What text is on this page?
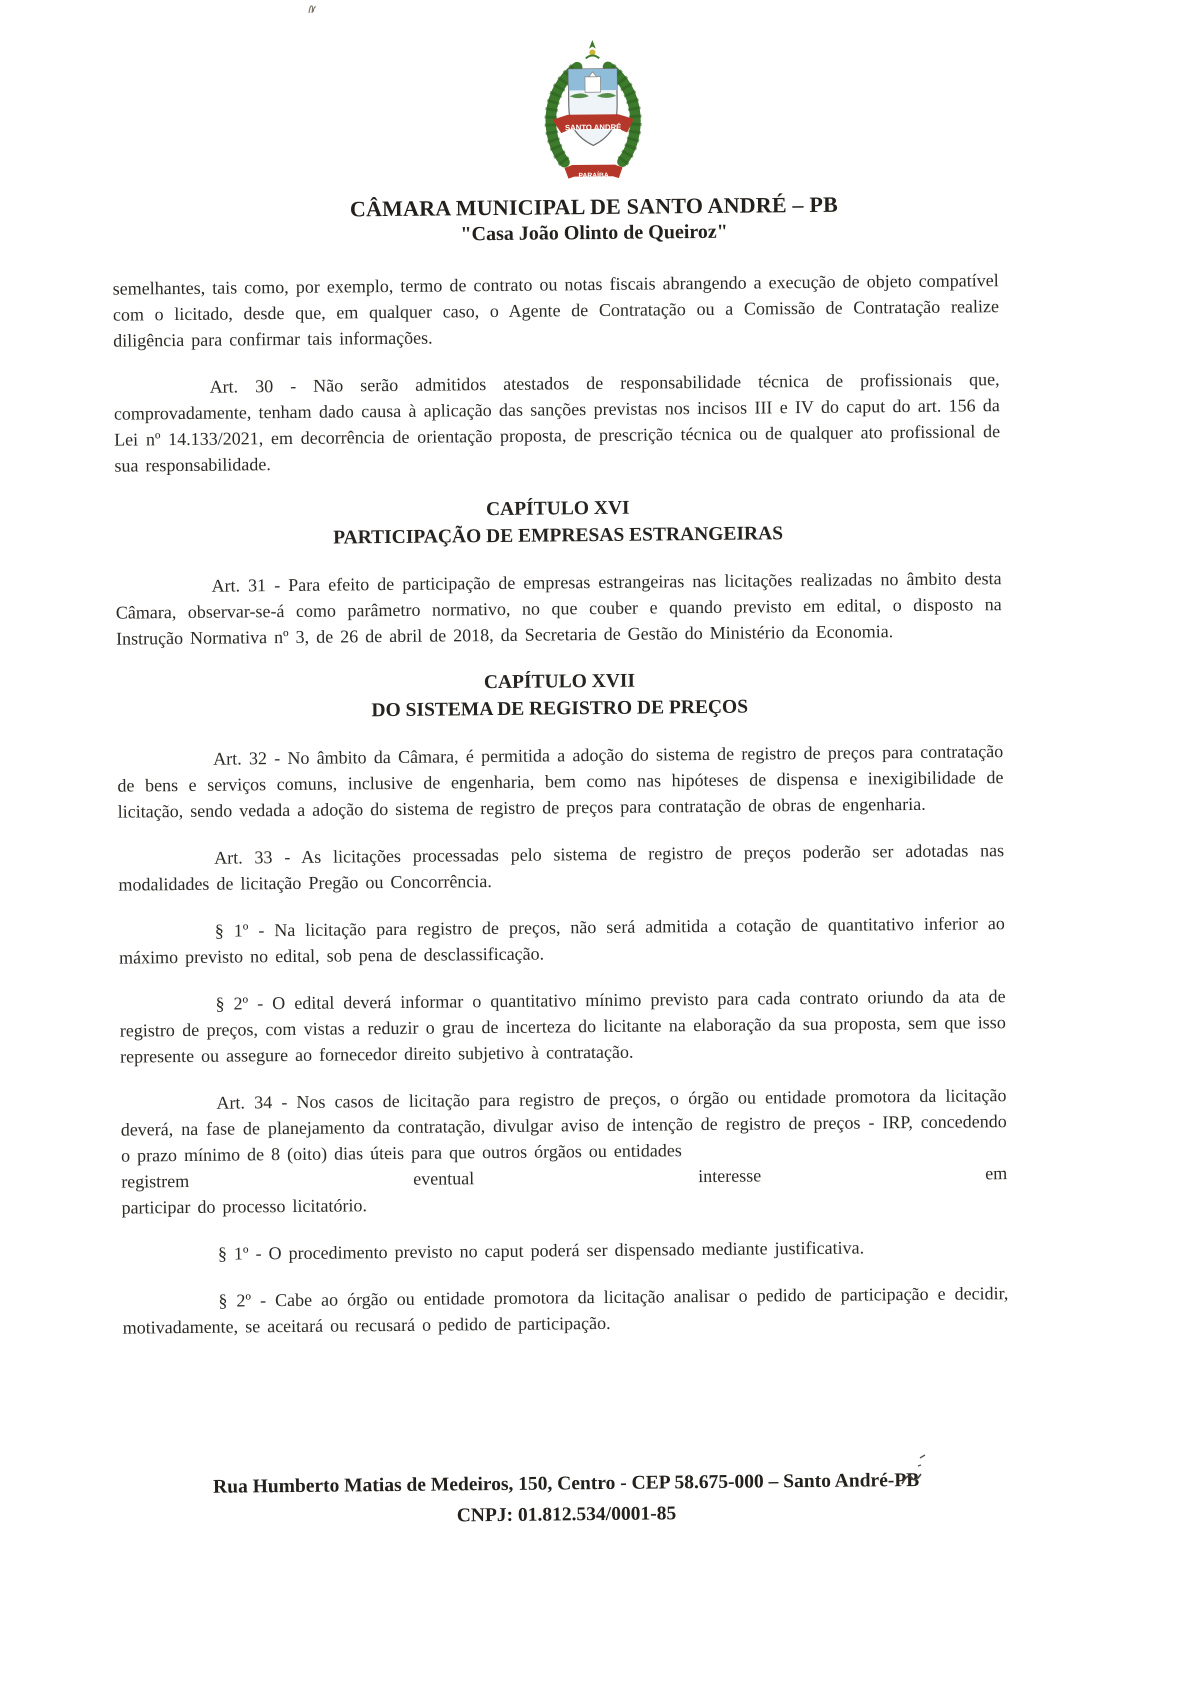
SANTO ANDRÉ
PARAÍBA
CÂMARA MUNICIPAL DE SANTO ANDRÉ – PB
"Casa João Olinto de Queiroz"

semelhantes, tais como, por exemplo, termo de contrato ou notas fiscais abrangendo a execução de objeto compatível com o licitado, desde que, em qualquer caso, o Agente de Contratação ou a Comissão de Contratação realize diligência para confirmar tais informações.

Art. 30 - Não serão admitidos atestados de responsabilidade técnica de profissionais que, comprovadamente, tenham dado causa à aplicação das sanções previstas nos incisos III e IV do caput do art. 156 da Lei nº 14.133/2021, em decorrência de orientação proposta, de prescrição técnica ou de qualquer ato profissional de sua responsabilidade.

CAPÍTULO XVI
PARTICIPAÇÃO DE EMPRESAS ESTRANGEIRAS

Art. 31 - Para efeito de participação de empresas estrangeiras nas licitações realizadas no âmbito desta Câmara, observar-se-á como parâmetro normativo, no que couber e quando previsto em edital, o disposto na Instrução Normativa nº 3, de 26 de abril de 2018, da Secretaria de Gestão do Ministério da Economia.

CAPÍTULO XVII
DO SISTEMA DE REGISTRO DE PREÇOS

Art. 32 - No âmbito da Câmara, é permitida a adoção do sistema de registro de preços para contratação de bens e serviços comuns, inclusive de engenharia, bem como nas hipóteses de dispensa e inexigibilidade de licitação, sendo vedada a adoção do sistema de registro de preços para contratação de obras de engenharia.

Art. 33 - As licitações processadas pelo sistema de registro de preços poderão ser adotadas nas modalidades de licitação Pregão ou Concorrência.

§ 1º - Na licitação para registro de preços, não será admitida a cotação de quantitativo inferior ao máximo previsto no edital, sob pena de desclassificação.

§ 2º - O edital deverá informar o quantitativo mínimo previsto para cada contrato oriundo da ata de registro de preços, com vistas a reduzir o grau de incerteza do licitante na elaboração da sua proposta, sem que isso represente ou assegure ao fornecedor direito subjetivo à contratação.

Art. 34 - Nos casos de licitação para registro de preços, o órgão ou entidade promotora da licitação deverá, na fase de planejamento da contratação, divulgar aviso de intenção de registro de preços - IRP, concedendo o prazo mínimo de 8 (oito) dias úteis para que outros órgãos ou entidades

registrem	eventual	interesse	em
participar do processo licitatório.

§ 1º - O procedimento previsto no caput poderá ser dispensado mediante justificativa.

§ 2º - Cabe ao órgão ou entidade promotora da licitação analisar o pedido de participação e decidir, motivadamente, se aceitará ou recusará o pedido de participação.

Rua Humberto Matias de Medeiros, 150, Centro - CEP 58.675-000 – Santo André-PB
CNPJ: 01.812.534/0001-85
